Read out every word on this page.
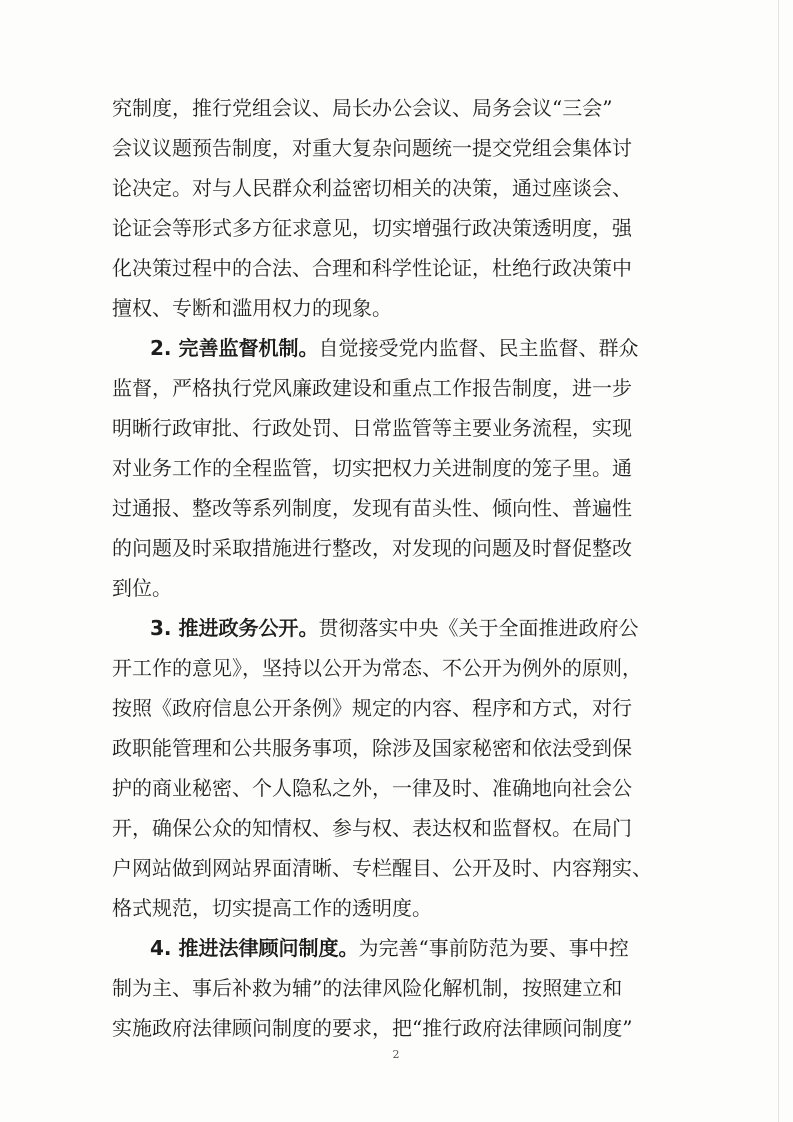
究制度，推行党组会议、局长办公会议、局务会议“三会”

会议议题预告制度，对重大复杂问题统一提交党组会集体讨

论决定。对与人民群众利益密切相关的决策，通过座谈会、

论证会等形式多方征求意见，切实增强行政决策透明度，强

化决策过程中的合法、合理和科学性论证，杜绝行政决策中

擅权、专断和滥用权力的现象。

2. 完善监督机制。自觉接受党内监督、民主监督、群众

监督，严格执行党风廉政建设和重点工作报告制度，进一步

明晰行政审批、行政处罚、日常监管等主要业务流程，实现

对业务工作的全程监管，切实把权力关进制度的笼子里。通

过通报、整改等系列制度，发现有苗头性、倾向性、普遍性

的问题及时采取措施进行整改，对发现的问题及时督促整改

到位。

3. 推进政务公开。贯彻落实中央《关于全面推进政府公

开工作的意见》，坚持以公开为常态、不公开为例外的原则，

按照《政府信息公开条例》规定的内容、程序和方式，对行

政职能管理和公共服务事项，除涉及国家秘密和依法受到保

护的商业秘密、个人隐私之外，一律及时、准确地向社会公

开，确保公众的知情权、参与权、表达权和监督权。在局门

户网站做到网站界面清晰、专栏醒目、公开及时、内容翔实、

格式规范，切实提高工作的透明度。

4. 推进法律顾问制度。为完善“事前防范为要、事中控

制为主、事后补救为辅”的法律风险化解机制，按照建立和

实施政府法律顾问制度的要求，把“推行政府法律顾问制度”

2
